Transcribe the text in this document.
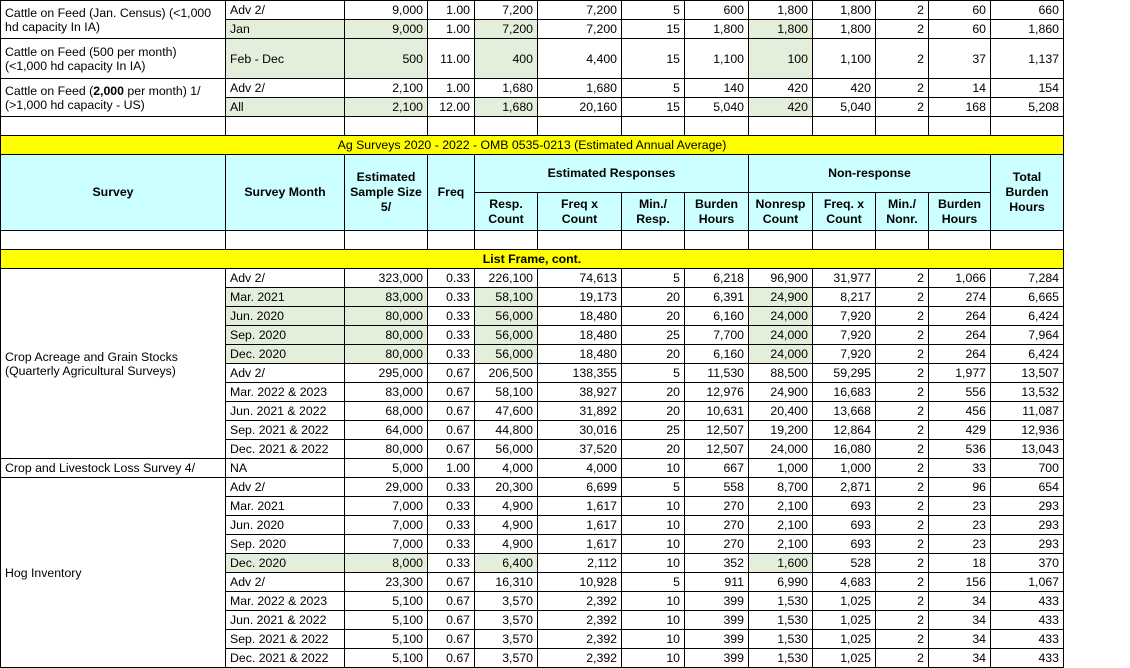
Cattle on Feed (Jan. Census) (<1,000 hd capacity In IA)	Adv 2/	9,000	1.00	7,200	7,200	5	600	1,800	1,800	2	60	660
	Jan	9,000	1.00	7,200	7,200	15	1,800	1,800	1,800	2	60	1,860
Cattle on Feed (500 per month) (<1,000 hd capacity In IA)	Feb - Dec	500	11.00	400	4,400	15	1,100	100	1,100	2	37	1,137
Cattle on Feed (2,000 per month) 1/ (>1,000 hd capacity - US)	Adv 2/	2,100	1.00	1,680	1,680	5	140	420	420	2	14	154
	All	2,100	12.00	1,680	20,160	15	5,040	420	5,040	2	168	5,208

Ag Surveys 2020 - 2022 - OMB 0535-0213 (Estimated Annual Average)												
Survey	Survey Month	Estimated Sample Size 5/	Freq	Estimated Responses				Non-response				Total Burden Hours
				Resp. Count	Freq x Count	Min./ Resp.	Burden Hours	Nonresp Count	Freq. x Count	Min./ Nonr.	Burden Hours	

List Frame, cont.												
Crop Acreage and Grain Stocks (Quarterly Agricultural Surveys)	Adv 2/	323,000	0.33	226,100	74,613	5	6,218	96,900	31,977	2	1,066	7,284
	Mar. 2021	83,000	0.33	58,100	19,173	20	6,391	24,900	8,217	2	274	6,665
	Jun. 2020	80,000	0.33	56,000	18,480	20	6,160	24,000	7,920	2	264	6,424
	Sep. 2020	80,000	0.33	56,000	18,480	25	7,700	24,000	7,920	2	264	7,964
	Dec. 2020	80,000	0.33	56,000	18,480	20	6,160	24,000	7,920	2	264	6,424
	Adv 2/	295,000	0.67	206,500	138,355	5	11,530	88,500	59,295	2	1,977	13,507
	Mar. 2022 & 2023	83,000	0.67	58,100	38,927	20	12,976	24,900	16,683	2	556	13,532
	Jun. 2021 & 2022	68,000	0.67	47,600	31,892	20	10,631	20,400	13,668	2	456	11,087
	Sep. 2021 & 2022	64,000	0.67	44,800	30,016	25	12,507	19,200	12,864	2	429	12,936
	Dec. 2021 & 2022	80,000	0.67	56,000	37,520	20	12,507	24,000	16,080	2	536	13,043
Crop and Livestock Loss Survey 4/	NA	5,000	1.00	4,000	4,000	10	667	1,000	1,000	2	33	700
Hog Inventory	Adv 2/	29,000	0.33	20,300	6,699	5	558	8,700	2,871	2	96	654
	Mar. 2021	7,000	0.33	4,900	1,617	10	270	2,100	693	2	23	293
	Jun. 2020	7,000	0.33	4,900	1,617	10	270	2,100	693	2	23	293
	Sep. 2020	7,000	0.33	4,900	1,617	10	270	2,100	693	2	23	293
	Dec. 2020	8,000	0.33	6,400	2,112	10	352	1,600	528	2	18	370
	Adv 2/	23,300	0.67	16,310	10,928	5	911	6,990	4,683	2	156	1,067
	Mar. 2022 & 2023	5,100	0.67	3,570	2,392	10	399	1,530	1,025	2	34	433
	Jun. 2021 & 2022	5,100	0.67	3,570	2,392	10	399	1,530	1,025	2	34	433
	Sep. 2021 & 2022	5,100	0.67	3,570	2,392	10	399	1,530	1,025	2	34	433
	Dec. 2021 & 2022	5,100	0.67	3,570	2,392	10	399	1,530	1,025	2	34	433
